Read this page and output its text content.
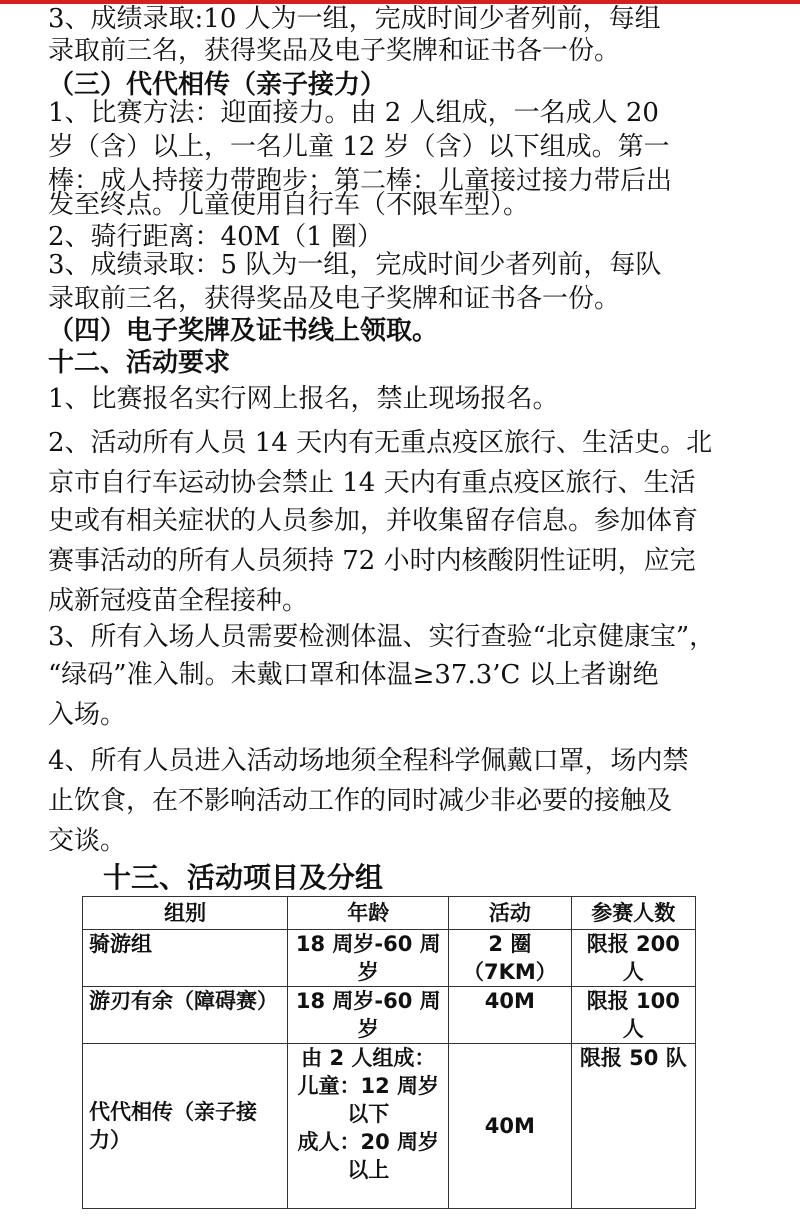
3、成绩录取:10 人为一组，完成时间少者列前，每组
录取前三名，获得奖品及电子奖牌和证书各一份。
（三）代代相传（亲子接力）
1、比赛方法：迎面接力。由 2 人组成，一名成人 20
岁（含）以上，一名儿童 12 岁（含）以下组成。第一
棒：成人持接力带跑步；第二棒：儿童接过接力带后出
发至终点。儿童使用自行车（不限车型）。
2、骑行距离：40M（1 圈）
3、成绩录取：5 队为一组，完成时间少者列前，每队
录取前三名，获得奖品及电子奖牌和证书各一份。
（四）电子奖牌及证书线上领取。
十二、活动要求
1、比赛报名实行网上报名，禁止现场报名。
2、活动所有人员 14 天内有无重点疫区旅行、生活史。北
京市自行车运动协会禁止 14 天内有重点疫区旅行、生活
史或有相关症状的人员参加，并收集留存信息。参加体育
赛事活动的所有人员须持 72 小时内核酸阴性证明，应完
成新冠疫苗全程接种。
3、所有入场人员需要检测体温、实行查验“北京健康宝”，
“绿码”准入制。未戴口罩和体温≥37.3’C 以上者谢绝
入场。
4、所有人员进入活动场地须全程科学佩戴口罩，场内禁
止饮食，在不影响活动工作的同时减少非必要的接触及
交谈。
十三、活动项目及分组
组别	年龄	活动	参赛人数
骑游组	18 周岁-60 周岁	2 圈（7KM）	限报 200 人
游刃有余（障碍赛）	18 周岁-60 周岁	40M	限报 100 人
代代相传（亲子接力）	由 2 人组成：
儿童：12 周岁以下
成人：20 周岁以上	40M	限报 50 队
